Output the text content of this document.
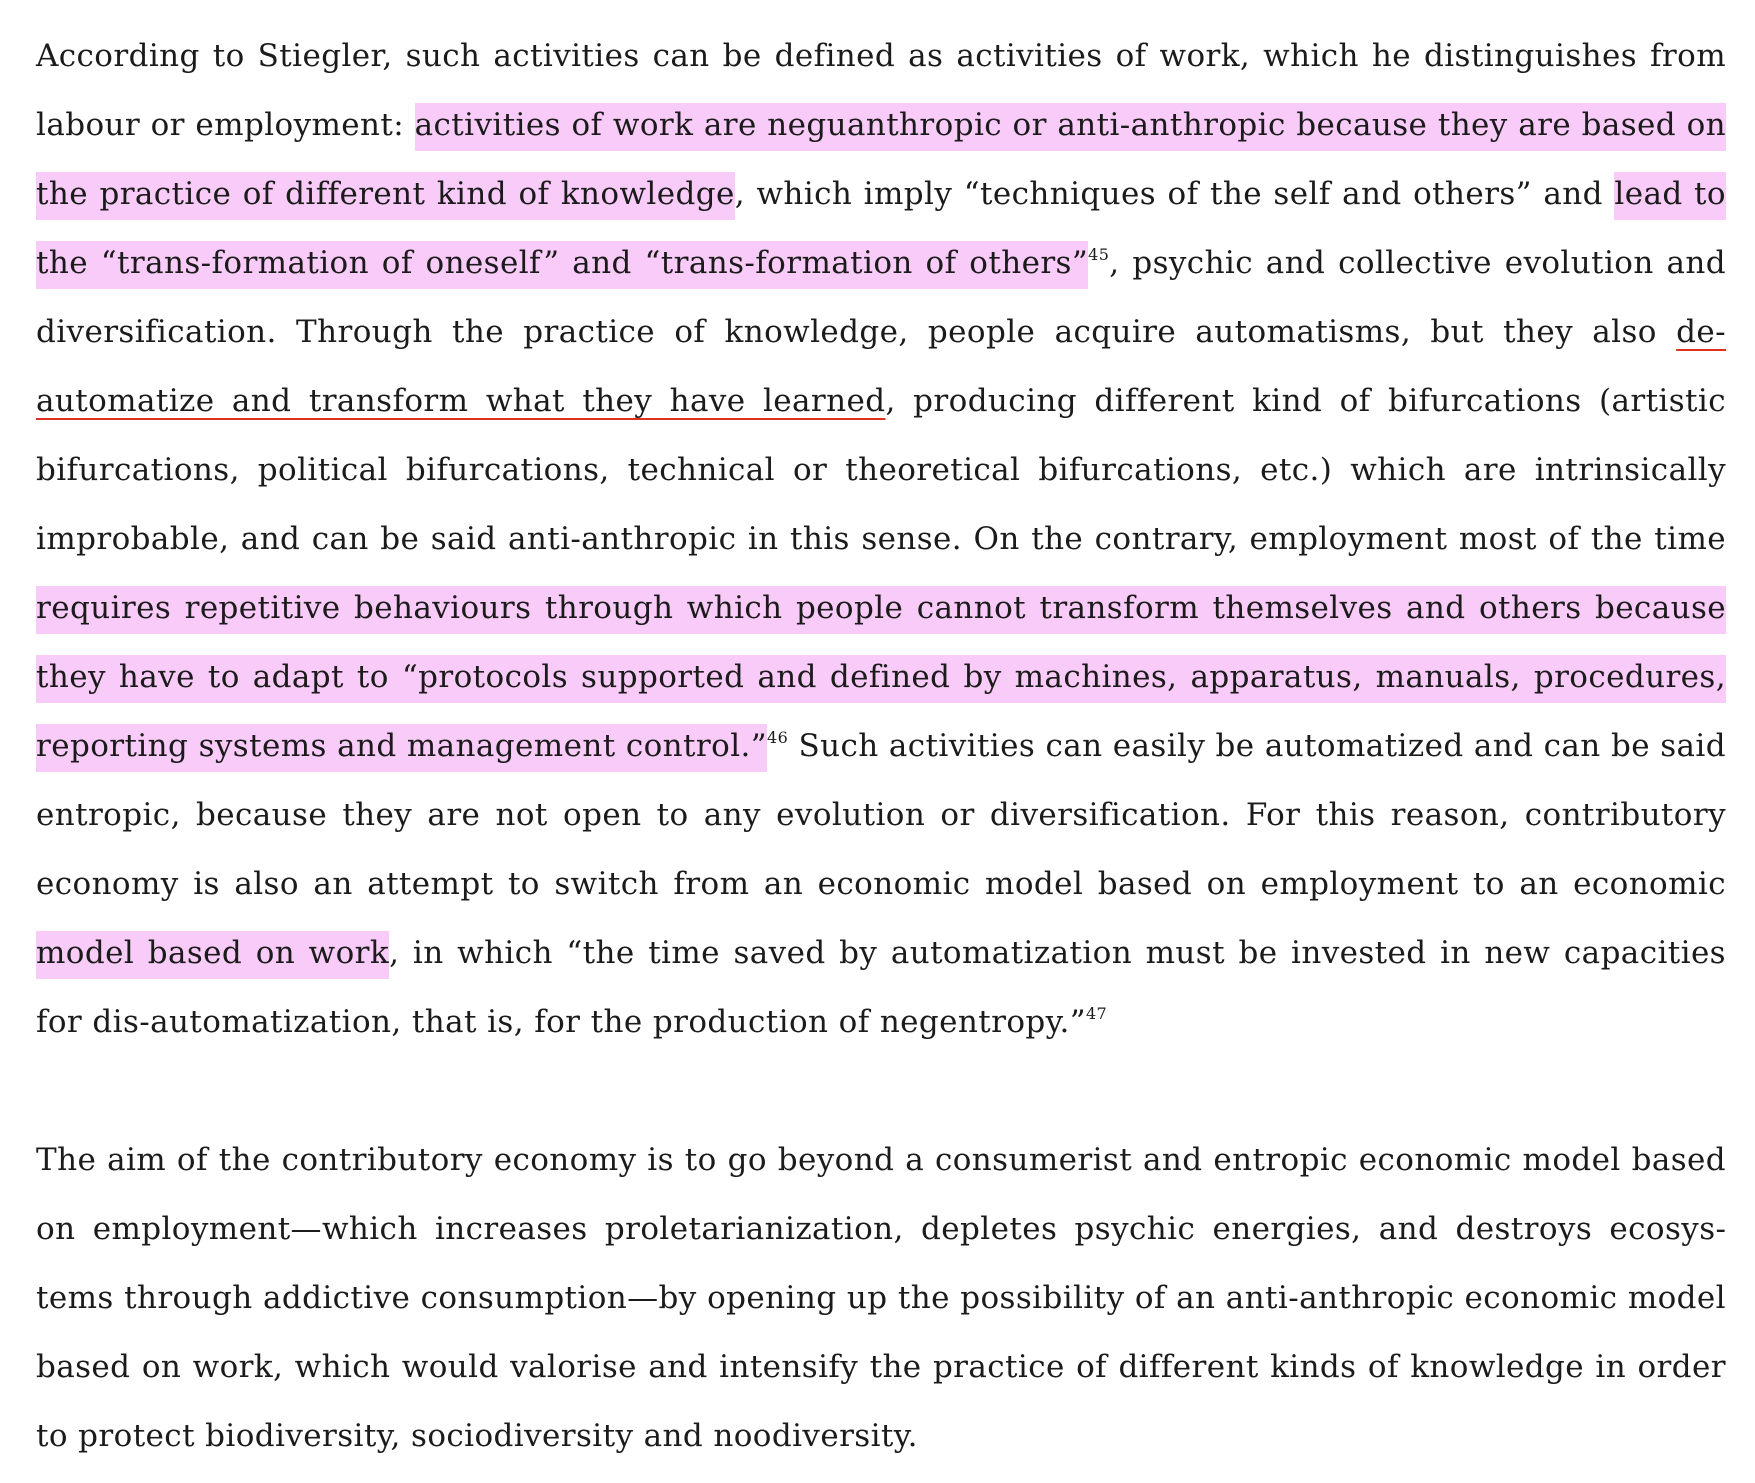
According to Stiegler, such activities can be defined as activities of work, which he distinguishes from labour or employment: activities of work are neguanthropic or anti-anthropic because they are based on the practice of different kind of knowledge, which imply “techniques of the self and others” and lead to the “trans-formation of oneself” and “trans-formation of others”$^{45}$, psychic and collective evolution and diversification. Through the practice of knowledge, people acquire automatisms, but they also de-automatize and transform what they have learned, producing different kind of bifurcations (artistic bifurcations, political bifurcations, technical or theoretical bifurcations, etc.) which are intrinsically improbable, and can be said anti-anthropic in this sense. On the contrary, employment most of the time requires repetitive behaviours through which people cannot transform themselves and others because they have to adapt to “protocols supported and defined by machines, apparatus, manuals, procedures, reporting systems and management control.”$^{46}$ Such activities can easily be automatized and can be said entropic, because they are not open to any evolution or diversification. For this reason, contributory economy is also an attempt to switch from an economic model based on employment to an economic model based on work, in which “the time saved by automatization must be invested in new capacities for dis-automatization, that is, for the production of negentropy.”$^{47}$

The aim of the contributory economy is to go beyond a consumerist and entropic economic model based on employment—which increases proletarianization, depletes psychic energies, and destroys ecosystems through addictive consumption—by opening up the possibility of an anti-anthropic economic model based on work, which would valorise and intensify the practice of different kinds of knowledge in order to protect biodiversity, sociodiversity and noodiversity.
